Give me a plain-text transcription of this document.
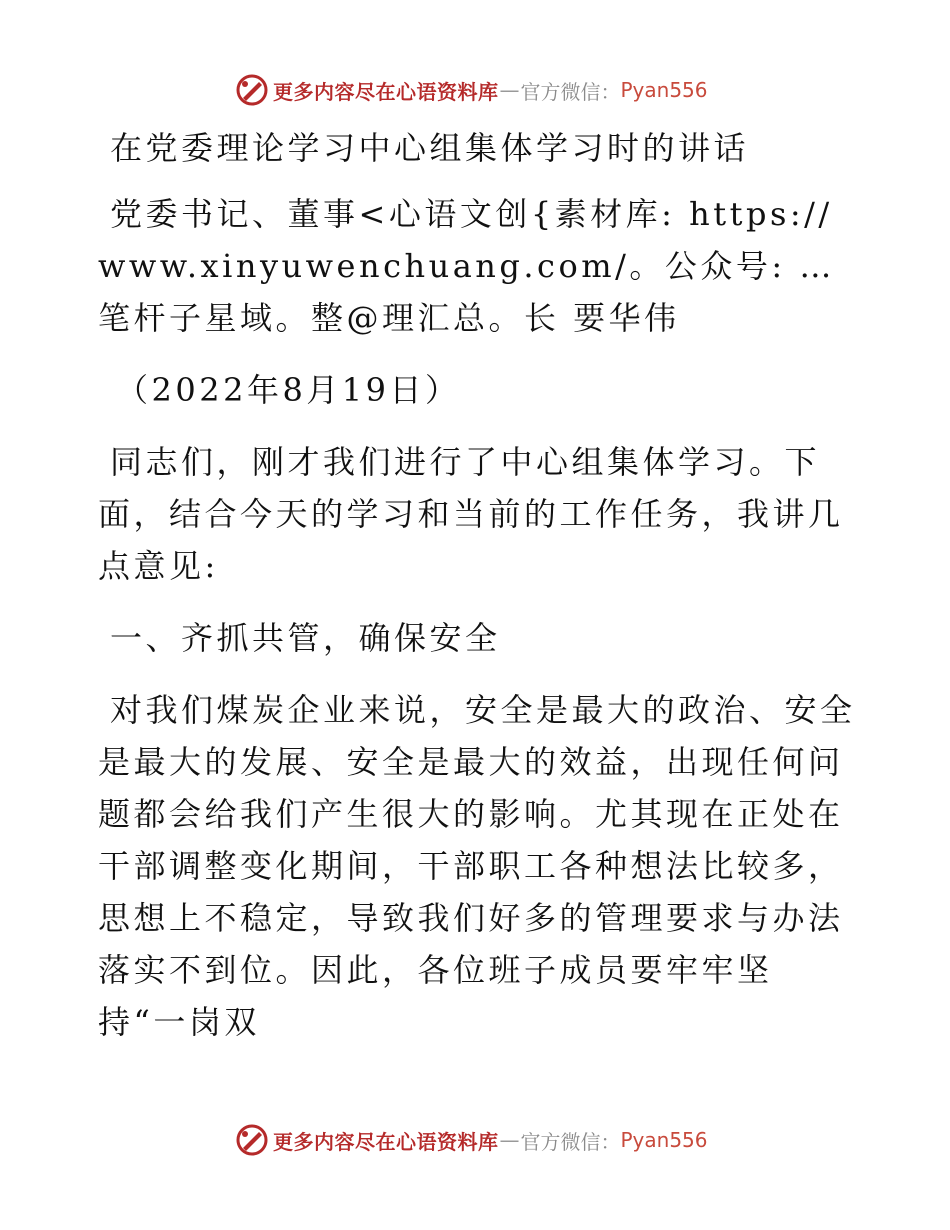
更多内容尽在心语资料库 — 官方微信： Pyan556
在党委理论学习中心组集体学习时的讲话
党委书记、董事<心语文创{素材库: https:// www.xinyuwenchuang.com/。公众号: …笔杆子星域。整@理汇总。长 要华伟
（2022年8月19日）
同志们，刚才我们进行了中心组集体学习。下面，结合今天的学习和当前的工作任务，我讲几点意见:
一、齐抓共管，确保安全
对我们煤炭企业来说，安全是最大的政治、安全是最大的发展、安全是最大的效益，出现任何问题都会给我们产生很大的影响。尤其现在正处在干部调整变化期间，干部职工各种想法比较多，思想上不稳定，导致我们好多的管理要求与办法落实不到位。因此，各位班子成员要牢牢坚持“一岗双
更多内容尽在心语资料库 — 官方微信： Pyan556
